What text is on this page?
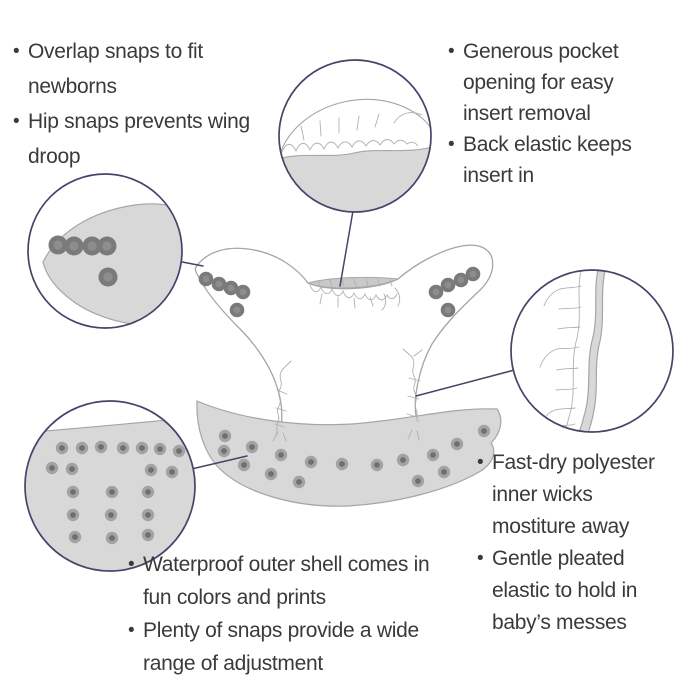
• Overlap snaps to fit newborns
• Hip snaps prevents wing droop
• Generous pocket opening for easy insert removal
• Back elastic keeps insert in
• Fast-dry polyester inner wicks mostiture away
• Gentle pleated elastic to hold in baby’s messes
• Waterproof outer shell comes in fun colors and prints
• Plenty of snaps provide a wide range of adjustment
